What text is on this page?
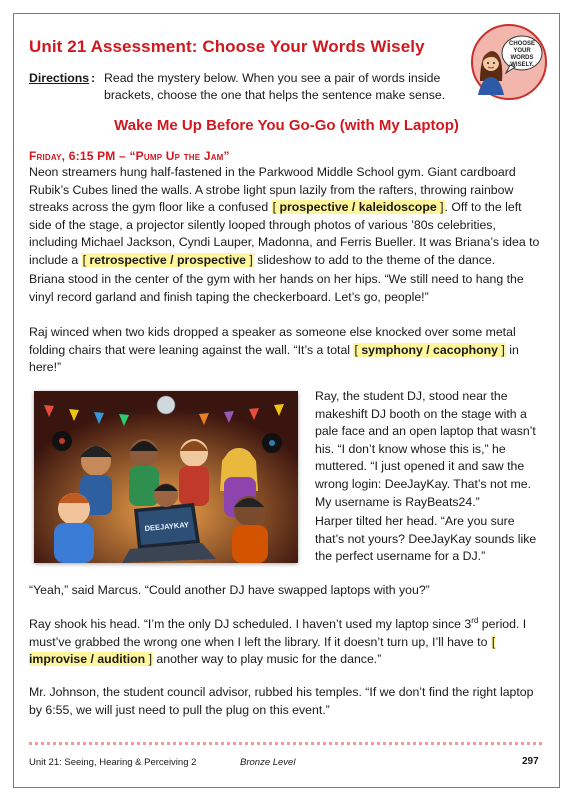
Unit 21 Assessment: Choose Your Words Wisely	CHOOSE
YOUR
WORDS
WISELY.
Directions : Read the mystery below. When you see a pair of words inside brackets, choose the one that helps the sentence make sense.
Wake Me Up Before You Go-Go (with My Laptop)
Friday, 6:15 PM – “Pump Up the Jam”
Neon streamers hung half-fastened in the Parkwood Middle School gym. Giant cardboard Rubik’s Cubes lined the walls. A strobe light spun lazily from the rafters, throwing rainbow streaks across the gym floor like a confused [ prospective / kaleidoscope ]. Off to the left side of the stage, a projector silently looped through photos of various ’80s celebrities, including Michael Jackson, Cyndi Lauper, Madonna, and Ferris Bueller. It was Briana’s idea to include a [ retrospective / prospective ] slideshow to add to the theme of the dance.
Briana stood in the center of the gym with her hands on her hips. “We still need to hang the vinyl record garland and finish taping the checkerboard. Let’s go, people!”
Raj winced when two kids dropped a speaker as someone else knocked over some metal folding chairs that were leaning against the wall. “It’s a total [ symphony / cacophony ] in here!”
DEEJAYKAY
Ray, the student DJ, stood near the makeshift DJ booth on the stage with a pale face and an open laptop that wasn’t his. “I don’t know whose this is,” he muttered. “I just opened it and saw the wrong login: DeeJayKay. That’s not me. My username is RayBeats24.”
Harper tilted her head. “Are you sure that’s not yours? DeeJayKay sounds like the perfect username for a DJ.”
“Yeah,” said Marcus. “Could another DJ have swapped laptops with you?”
Ray shook his head. “I’m the only DJ scheduled. I haven’t used my laptop since 3rd period. I must’ve grabbed the wrong one when I left the library. If it doesn’t turn up, I’ll have to [ improvise / audition ] another way to play music for the dance.”
Mr. Johnson, the student council advisor, rubbed his temples. “If we don’t find the right laptop by 6:55, we will just need to pull the plug on this event.”
Unit 21: Seeing, Hearing & Perceiving 2	Bronze Level	297
